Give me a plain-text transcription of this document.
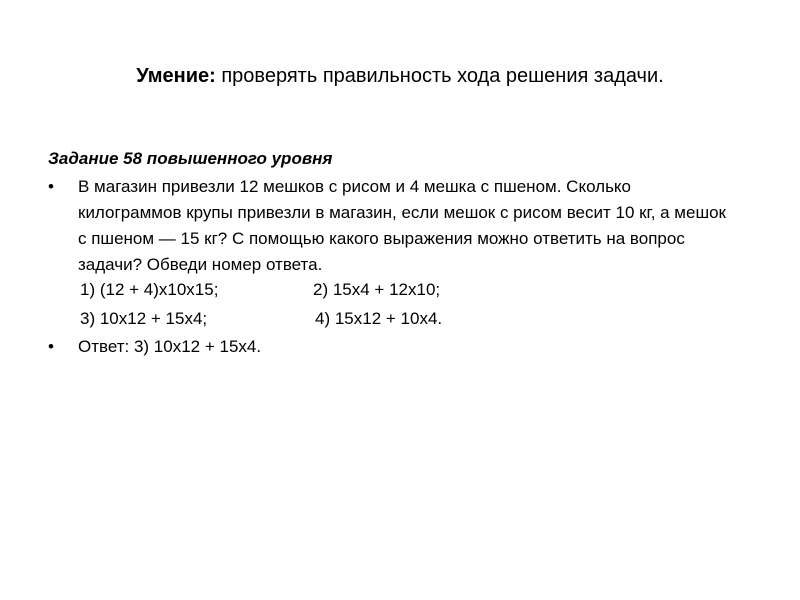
Умение: проверять правильность хода решения задачи.
Задание 58 повышенного уровня
•	В магазин привезли 12 мешков с рисом и 4 мешка с пшеном. Сколько килограммов крупы привезли в магазин, если мешок с рисом весит 10 кг, а мешок с пшеном — 15 кг? С помощью какого выражения можно ответить на вопрос задачи? Обведи номер ответа.
1) (12 + 4)х10х15;	2) 15х4 + 12х10;
3) 10х12 + 15х4;	4) 15х12 + 10х4.
•	Ответ: 3) 10х12 + 15х4.
